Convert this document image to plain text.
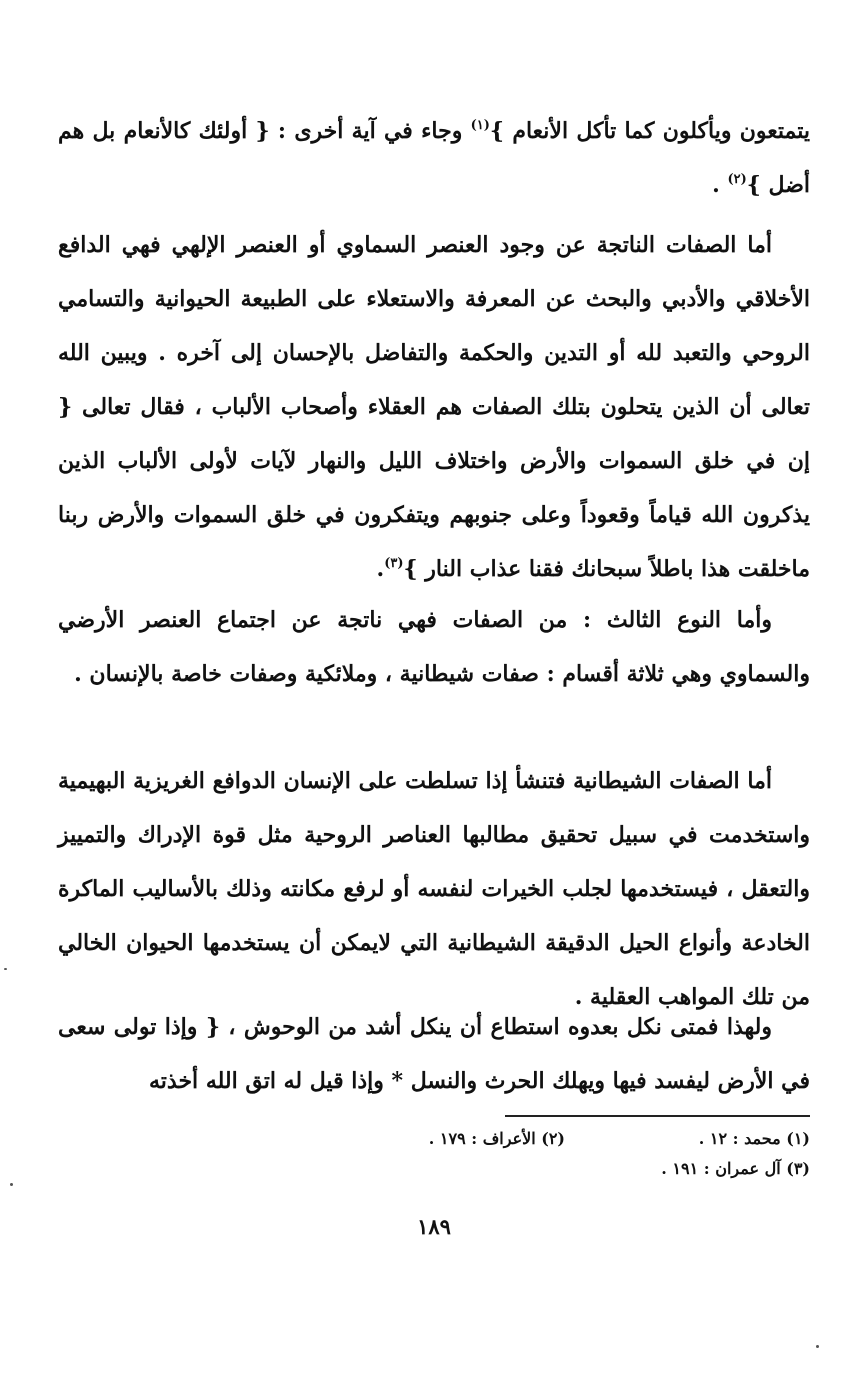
يتمتعون ويأكلون كما تأكل الأنعام }$^{(١)}$ وجاء في آية أخرى : { أولئك كالأنعام بل هم أضل }$^{(٢)}$ .

أما الصفات الناتجة عن وجود العنصر السماوي أو العنصر الإلهي فهي الدافع الأخلاقي والأدبي والبحث عن المعرفة والاستعلاء على الطبيعة الحيوانية والتسامي الروحي والتعبد لله أو التدين والحكمة والتفاضل بالإحسان إلى آخره . ويبين الله تعالى أن الذين يتحلون بتلك الصفات هم العقلاء وأصحاب الألباب ، فقال تعالى { إن في خلق السموات والأرض واختلاف الليل والنهار لآيات لأولى الألباب الذين يذكرون الله قياماً وقعوداً وعلى جنوبهم ويتفكرون في خلق السموات والأرض ربنا ماخلقت هذا باطلاً سبحانك فقنا عذاب النار }$^{(٣)}$.

وأما النوع الثالث : من الصفات فهي ناتجة عن اجتماع العنصر الأرضي والسماوي وهي ثلاثة أقسام : صفات شيطانية ، وملائكية وصفات خاصة بالإنسان .

أما الصفات الشيطانية فتنشأ إذا تسلطت على الإنسان الدوافع الغريزية البهيمية واستخدمت في سبيل تحقيق مطالبها العناصر الروحية مثل قوة الإدراك والتمييز والتعقل ، فيستخدمها لجلب الخيرات لنفسه أو لرفع مكانته وذلك بالأساليب الماكرة الخادعة وأنواع الحيل الدقيقة الشيطانية التي لايمكن أن يستخدمها الحيوان الخالي من تلك المواهب العقلية .

ولهذا فمتى نكل بعدوه استطاع أن ينكل أشد من الوحوش ، { وإذا تولى سعى في الأرض ليفسد فيها ويهلك الحرث والنسل * وإذا قيل له اتق الله أخذته

(١) محمد : ١٢ .
(٢) الأعراف : ١٧٩ .
(٣) آل عمران : ١٩١ .
١٨٩
